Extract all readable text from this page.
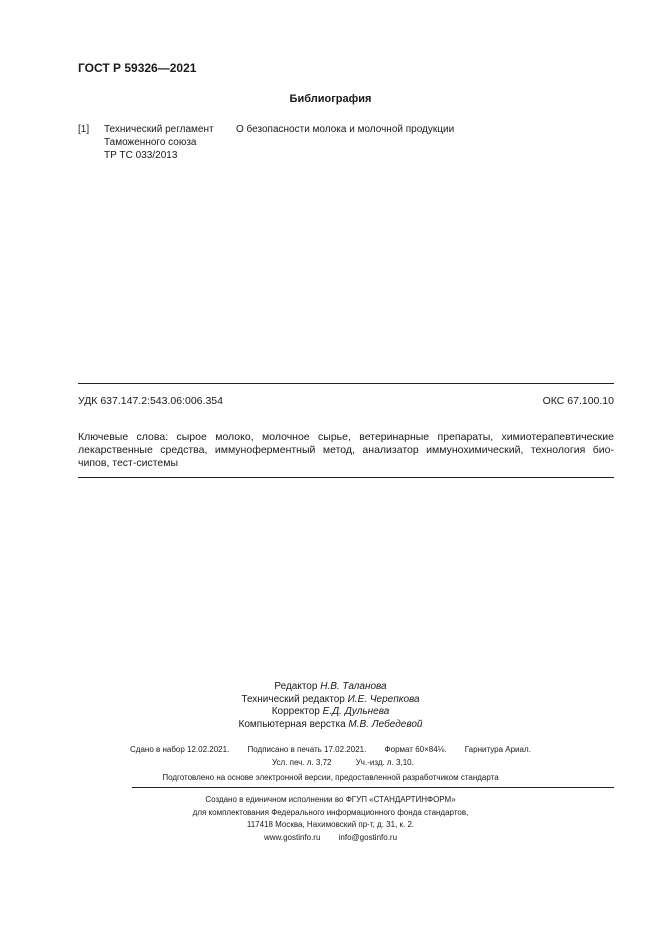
ГОСТ Р 59326—2021
Библиография
[1] Технический регламент
Таможенного союза
ТР ТС 033/2013
О безопасности молока и молочной продукции
УДК 637.147.2:543.06:006.354	ОКС 67.100.10
Ключевые слова: сырое молоко, молочное сырье, ветеринарные препараты, химиотерапевтические
лекарственные средства, иммуноферментный метод, анализатор иммунохимический, технология био-
чипов, тест-системы
Редактор Н.В. Таланова
Технический редактор И.Е. Черепкова
Корректор Е.Д. Дульнева
Компьютерная верстка М.В. Лебедевой
Сдано в набор 12.02.2021. Подписано в печать 17.02.2021. Формат 60×84⅛. Гарнитура Ариал.
Усл. печ. л. 3,72	Уч.-изд. л. 3,10.
Подготовлено на основе электронной версии, предоставленной разработчиком стандарта
Создано в единичном исполнении во ФГУП «СТАНДАРТИНФОРМ»
для комплектования Федерального информационного фонда стандартов,
117418 Москва, Нахимовский пр-т, д. 31, к. 2.
www.gostinfo.ru info@gostinfo.ru
